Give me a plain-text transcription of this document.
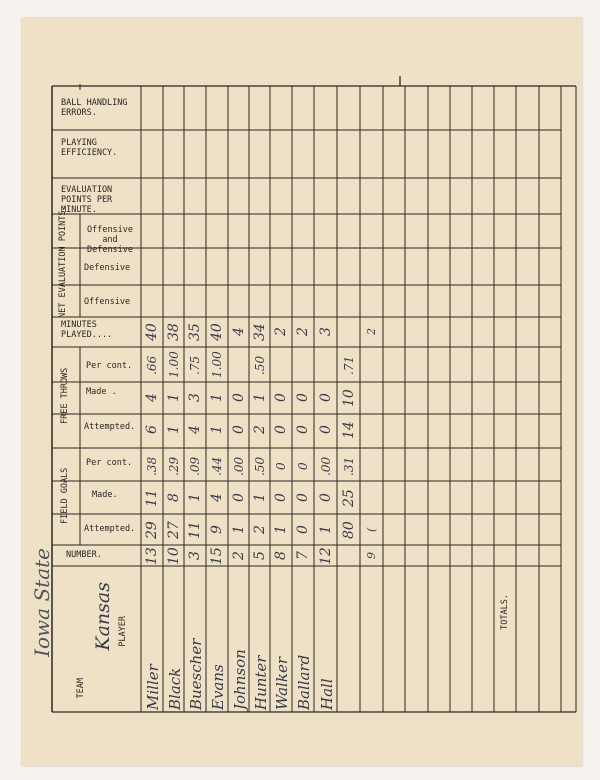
BALL HANDLING
ERRORS.
PLAYING
EFFICIENCY.
EVALUATION
POINTS PER
MINUTE.
NET EVALUATION POINTS.	Offensive
and
Defensive
Defensive
Offensive
MINUTES
PLAYED....
FREE THROWS
Per cont.
Made .
Attempted.
FIELD GOALS
Per cont.
Made.
Attempted.
NUMBER.
TEAM
PLAYER
TOTALS.
Kansas
Iowa State	13
29
11
.38
6
4
.66
40
Miller
10
27
8
.29
1
1
1.00
38
Black
3
11
1
.09
4
3
.75
35
Buescher
15
9
4
.44
1
1
1.00
40
Evans
2
1
0
.00
0
0
4
Johnson
5
2
1
.50
2
1
.50
34
Hunter
8
1
0
0
0
0
2
Walker
7
0
0
0
0
0
2
Ballard
12
1
0
.00
0
0
3
Hall
80
25
.31
14
10
.71
9
(
2
